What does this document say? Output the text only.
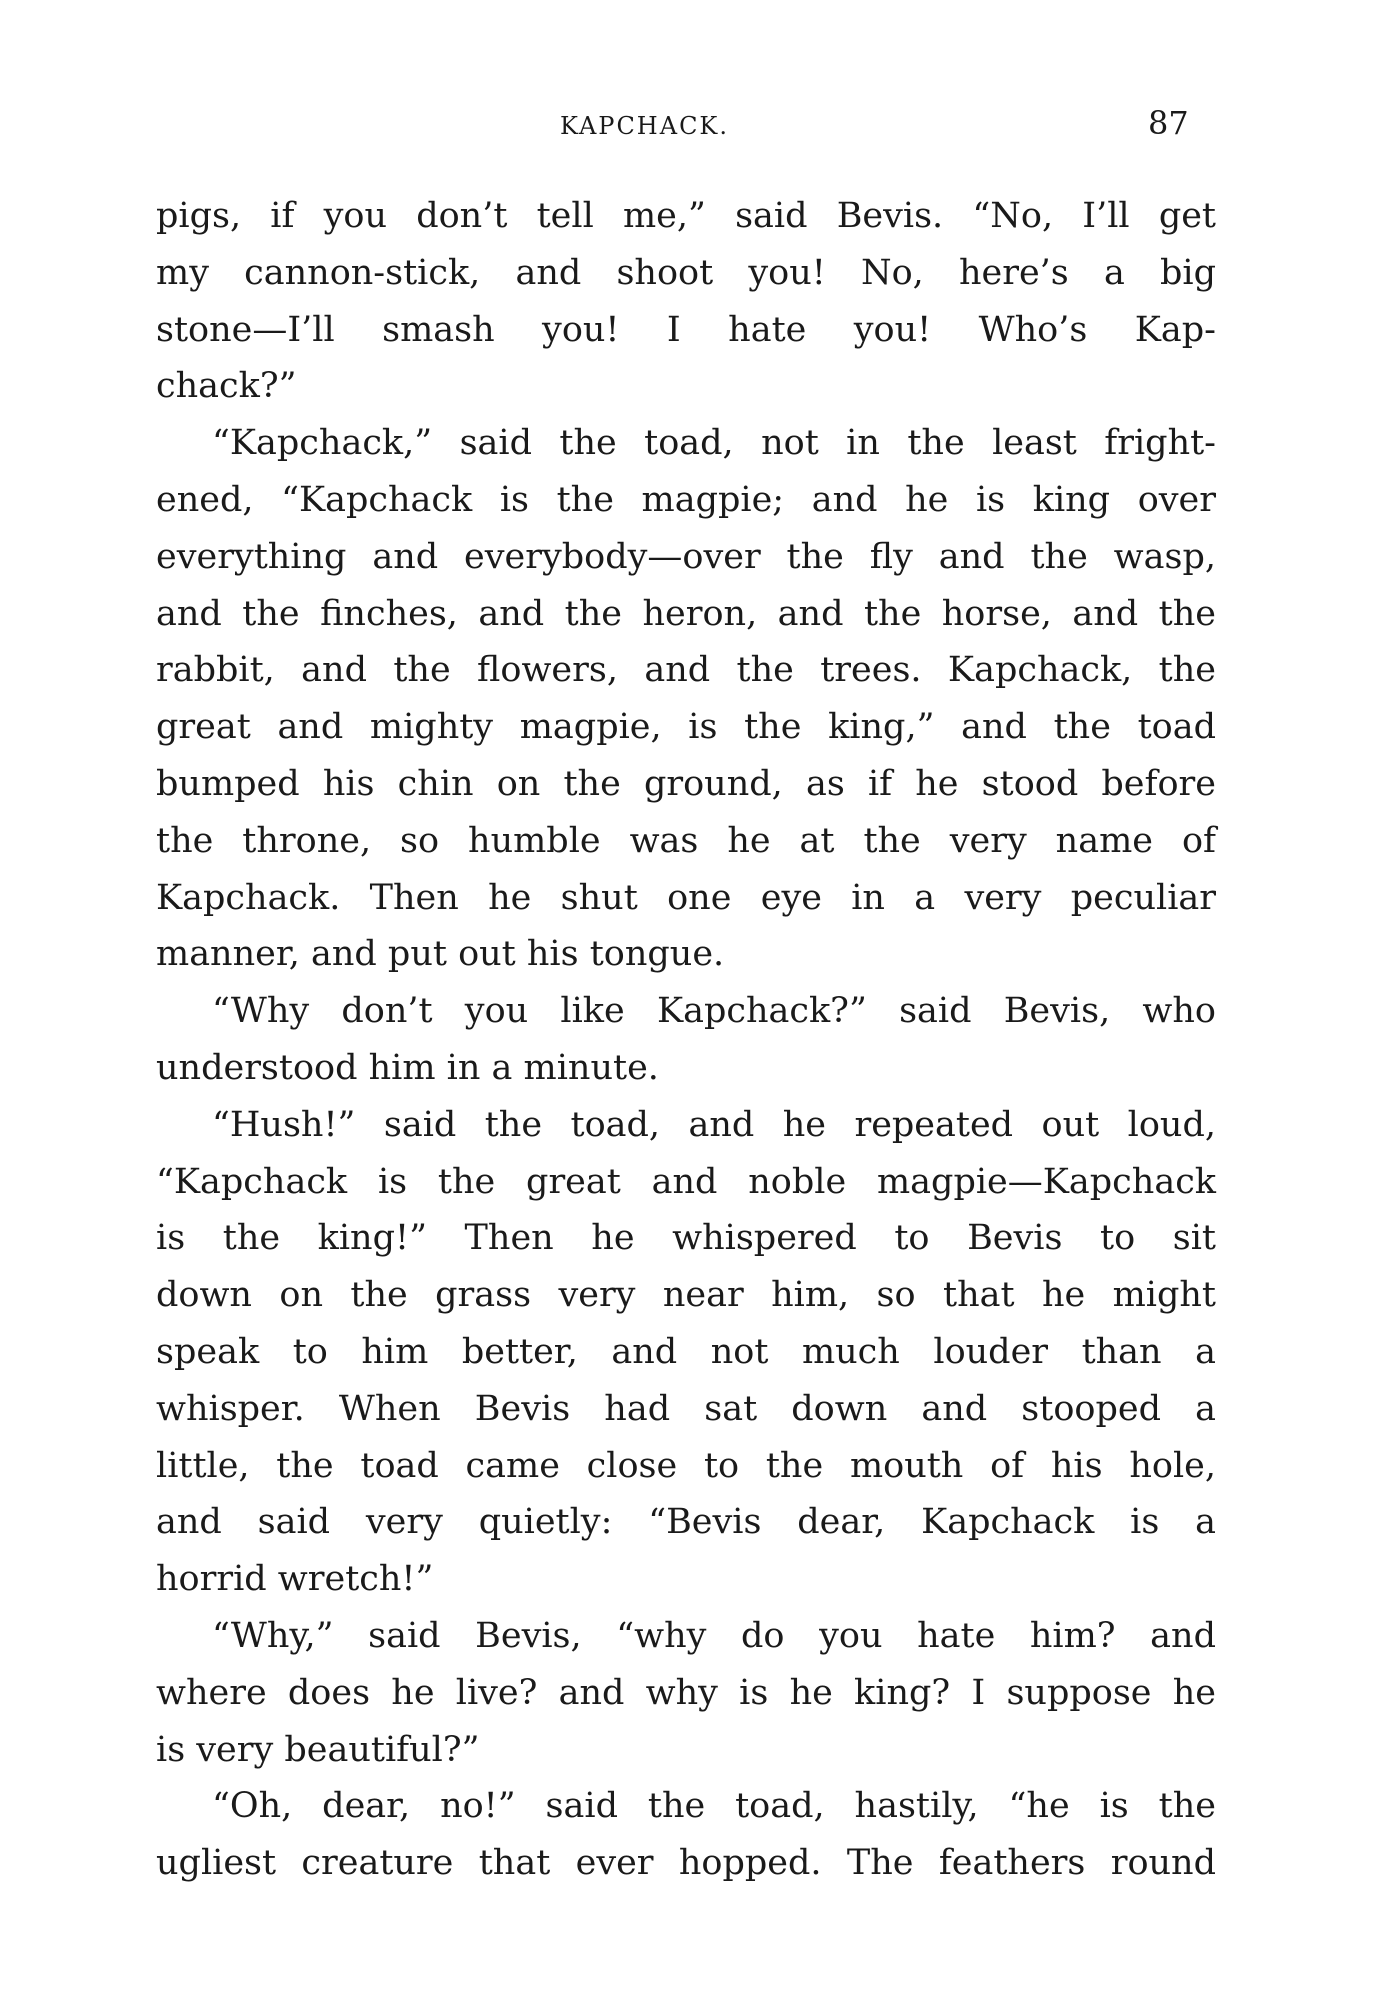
KAPCHACK.	87
pigs, if you don’t tell me,” said Bevis. “No, I’ll get
my cannon-stick, and shoot you! No, here’s a big
stone—I’ll smash you! I hate you! Who’s Kap-
chack?”
“Kapchack,” said the toad, not in the least fright-
ened, “Kapchack is the magpie; and he is king over
everything and everybody—over the fly and the wasp,
and the finches, and the heron, and the horse, and the
rabbit, and the flowers, and the trees. Kapchack, the
great and mighty magpie, is the king,” and the toad
bumped his chin on the ground, as if he stood before
the throne, so humble was he at the very name of
Kapchack. Then he shut one eye in a very peculiar
manner, and put out his tongue.
“Why don’t you like Kapchack?” said Bevis, who
understood him in a minute.
“Hush!” said the toad, and he repeated out loud,
“Kapchack is the great and noble magpie—Kapchack
is the king!” Then he whispered to Bevis to sit
down on the grass very near him, so that he might
speak to him better, and not much louder than a
whisper. When Bevis had sat down and stooped a
little, the toad came close to the mouth of his hole,
and said very quietly: “Bevis dear, Kapchack is a
horrid wretch!”
“Why,” said Bevis, “why do you hate him? and
where does he live? and why is he king? I suppose he
is very beautiful?”
“Oh, dear, no!” said the toad, hastily, “he is the
ugliest creature that ever hopped. The feathers round
